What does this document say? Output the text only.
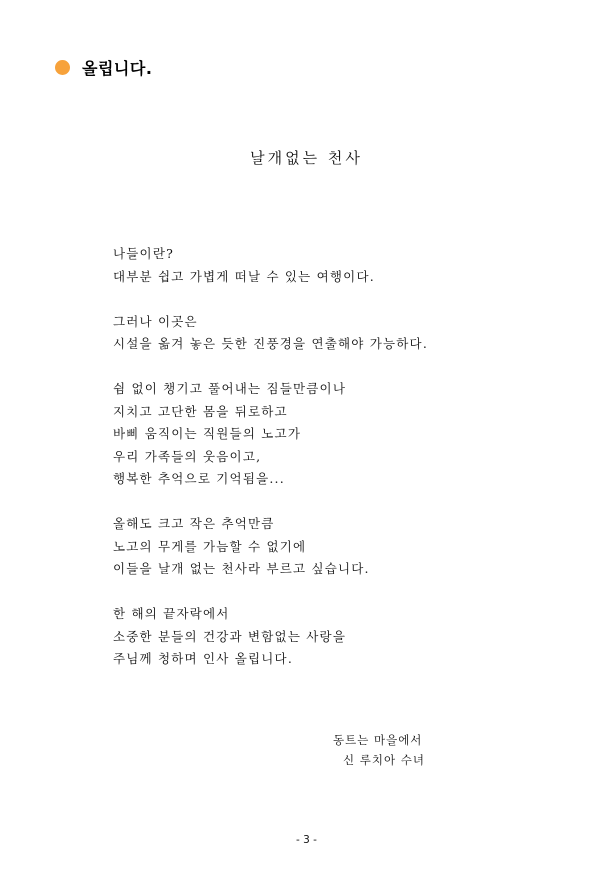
올립니다.
날개없는 천사
나들이란?
대부분 쉽고 가볍게 떠날 수 있는 여행이다.
그러나 이곳은
시설을 옮겨 놓은 듯한 진풍경을 연출해야 가능하다.
쉼 없이 챙기고 풀어내는 짐들만큼이나
지치고 고단한 몸을 뒤로하고
바삐 움직이는 직원들의 노고가
우리 가족들의 웃음이고,
행복한 추억으로 기억됨을...
올해도 크고 작은 추억만큼
노고의 무게를 가늠할 수 없기에
이들을 날개 없는 천사라 부르고 싶습니다.
한 해의 끝자락에서
소중한 분들의 건강과 변함없는 사랑을
주님께 청하며 인사 올립니다.
동트는 마을에서
신 루치아 수녀
- 3 -
